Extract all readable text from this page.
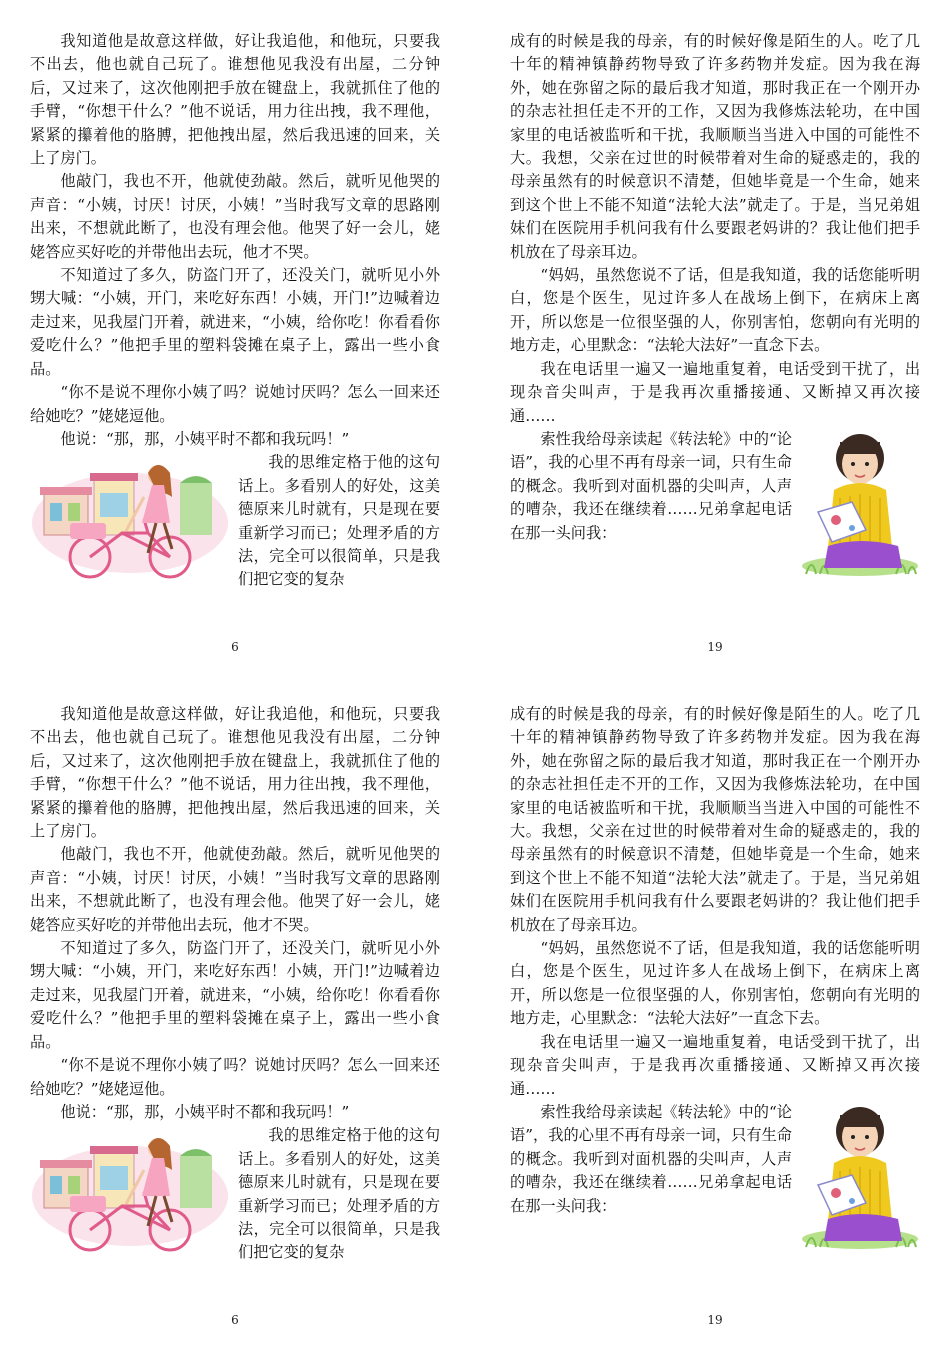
我知道他是故意这样做，好让我追他，和他玩，只要我不出去，他也就自己玩了。谁想他见我没有出屋，二分钟后，又过来了，这次他刚把手放在键盘上，我就抓住了他的手臂，“你想干什么？”他不说话，用力往出拽，我不理他，紧紧的攥着他的胳膊，把他拽出屋，然后我迅速的回来，关上了房门。

他敲门，我也不开，他就使劲敲。然后，就听见他哭的声音：“小姨，讨厌！讨厌，小姨！”当时我写文章的思路刚出来，不想就此断了，也没有理会他。他哭了好一会儿，姥姥答应买好吃的并带他出去玩，他才不哭。

不知道过了多久，防盗门开了，还没关门，就听见小外甥大喊：“小姨，开门，来吃好东西！小姨，开门!”边喊着边走过来，见我屋门开着，就进来，“小姨，给你吃！你看看你爱吃什么？”他把手里的塑料袋摊在桌子上，露出一些小食品。

“你不是说不理你小姨了吗？说她讨厌吗？怎么一回来还给她吃？”姥姥逗他。

他说：“那，那，小姨平时不都和我玩吗！”

我的思维定格于他的这句话上。多看别人的好处，这美德原来儿时就有，只是现在要重新学习而已；处理矛盾的方法，完全可以很简单，只是我们把它变的复杂

6

成有的时候是我的母亲，有的时候好像是陌生的人。吃了几十年的精神镇静药物导致了许多药物并发症。因为我在海外，她在弥留之际的最后我才知道，那时我正在一个刚开办的杂志社担任走不开的工作，又因为我修炼法轮功，在中国家里的电话被监听和干扰，我顺顺当当进入中国的可能性不大。我想，父亲在过世的时候带着对生命的疑惑走的，我的母亲虽然有的时候意识不清楚，但她毕竟是一个生命，她来到这个世上不能不知道“法轮大法”就走了。于是，当兄弟姐妹们在医院用手机问我有什么要跟老妈讲的？我让他们把手机放在了母亲耳边。

“妈妈，虽然您说不了话，但是我知道，我的话您能听明白，您是个医生，见过许多人在战场上倒下，在病床上离开，所以您是一位很坚强的人，你别害怕，您朝向有光明的地方走，心里默念：“法轮大法好”一直念下去。

我在电话里一遍又一遍地重复着，电话受到干扰了，出现杂音尖叫声，于是我再次重播接通、又断掉又再次接通……

索性我给母亲读起《转法轮》中的“论语”，我的心里不再有母亲一词，只有生命的概念。我听到对面机器的尖叫声，人声的嘈杂，我还在继续着……兄弟拿起电话在那一头问我：

19

我知道他是故意这样做，好让我追他，和他玩，只要我不出去，他也就自己玩了。谁想他见我没有出屋，二分钟后，又过来了，这次他刚把手放在键盘上，我就抓住了他的手臂，“你想干什么？”他不说话，用力往出拽，我不理他，紧紧的攥着他的胳膊，把他拽出屋，然后我迅速的回来，关上了房门。

他敲门，我也不开，他就使劲敲。然后，就听见他哭的声音：“小姨，讨厌！讨厌，小姨！”当时我写文章的思路刚出来，不想就此断了，也没有理会他。他哭了好一会儿，姥姥答应买好吃的并带他出去玩，他才不哭。

不知道过了多久，防盗门开了，还没关门，就听见小外甥大喊：“小姨，开门，来吃好东西！小姨，开门!”边喊着边走过来，见我屋门开着，就进来，“小姨，给你吃！你看看你爱吃什么？”他把手里的塑料袋摊在桌子上，露出一些小食品。

“你不是说不理你小姨了吗？说她讨厌吗？怎么一回来还给她吃？”姥姥逗他。

他说：“那，那，小姨平时不都和我玩吗！”

我的思维定格于他的这句话上。多看别人的好处，这美德原来儿时就有，只是现在要重新学习而已；处理矛盾的方法，完全可以很简单，只是我们把它变的复杂

6

成有的时候是我的母亲，有的时候好像是陌生的人。吃了几十年的精神镇静药物导致了许多药物并发症。因为我在海外，她在弥留之际的最后我才知道，那时我正在一个刚开办的杂志社担任走不开的工作，又因为我修炼法轮功，在中国家里的电话被监听和干扰，我顺顺当当进入中国的可能性不大。我想，父亲在过世的时候带着对生命的疑惑走的，我的母亲虽然有的时候意识不清楚，但她毕竟是一个生命，她来到这个世上不能不知道“法轮大法”就走了。于是，当兄弟姐妹们在医院用手机问我有什么要跟老妈讲的？我让他们把手机放在了母亲耳边。

“妈妈，虽然您说不了话，但是我知道，我的话您能听明白，您是个医生，见过许多人在战场上倒下，在病床上离开，所以您是一位很坚强的人，你别害怕，您朝向有光明的地方走，心里默念：“法轮大法好”一直念下去。

我在电话里一遍又一遍地重复着，电话受到干扰了，出现杂音尖叫声，于是我再次重播接通、又断掉又再次接通……

索性我给母亲读起《转法轮》中的“论语”，我的心里不再有母亲一词，只有生命的概念。我听到对面机器的尖叫声，人声的嘈杂，我还在继续着……兄弟拿起电话在那一头问我：

19
